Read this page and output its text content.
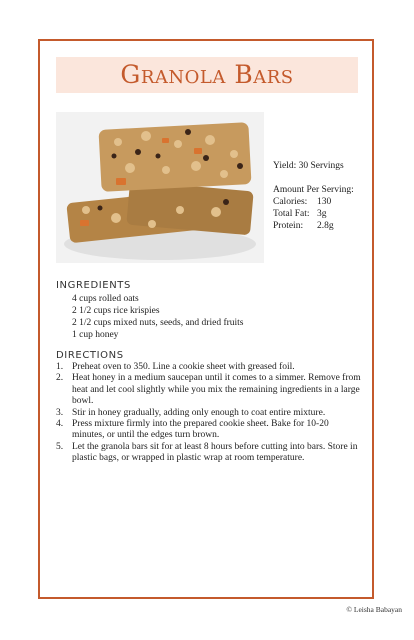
Granola Bars
Yield: 30 Servings
Amount Per Serving:
Calories:	130
Total Fat: 3g
Protein:	2.8g
INGREDIENTS
4 cups rolled oats
2 1/2 cups rice krispies
2 1/2 cups mixed nuts, seeds, and dried fruits
1 cup honey
DIRECTIONS
1. Preheat oven to 350. Line a cookie sheet with greased foil.
2. Heat honey in a medium saucepan until it comes to a simmer. Remove from heat and let cool slightly while you mix the remaining ingredients in a large bowl.
3. Stir in honey gradually, adding only enough to coat entire mixture.
4. Press mixture firmly into the prepared cookie sheet. Bake for 10-20 minutes, or until the edges turn brown.
5. Let the granola bars sit for at least 8 hours before cutting into bars. Store in plastic bags, or wrapped in plastic wrap at room temperature.
© Leisha Babayan
